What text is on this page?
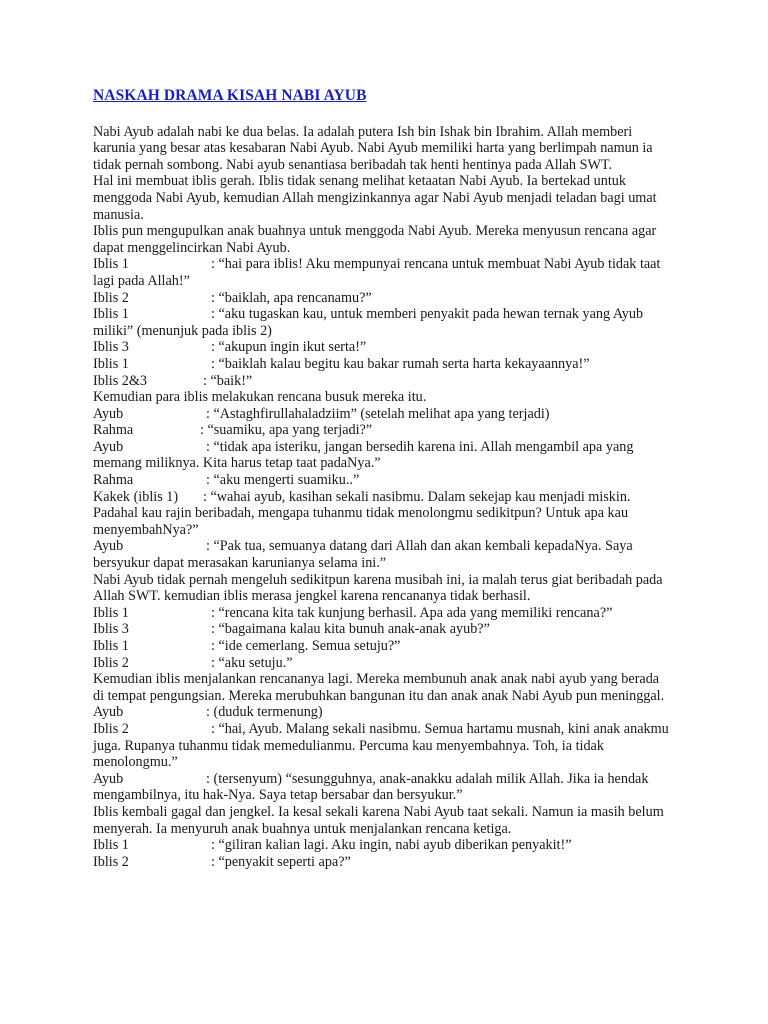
NASKAH DRAMA KISAH NABI AYUB

Nabi Ayub adalah nabi ke dua belas. Ia adalah putera Ish bin Ishak bin Ibrahim. Allah memberi karunia yang besar atas kesabaran Nabi Ayub. Nabi Ayub memiliki harta yang berlimpah namun ia tidak pernah sombong. Nabi ayub senantiasa beribadah tak henti hentinya pada Allah SWT.

Hal ini membuat iblis gerah. Iblis tidak senang melihat ketaatan Nabi Ayub. Ia bertekad untuk menggoda Nabi Ayub, kemudian Allah mengizinkannya agar Nabi Ayub menjadi teladan bagi umat manusia.

Iblis pun mengupulkan anak buahnya untuk menggoda Nabi Ayub. Mereka menyusun rencana agar dapat menggelincirkan Nabi Ayub.

Iblis 1	: “hai para iblis! Aku mempunyai rencana untuk membuat Nabi Ayub tidak taat lagi pada Allah!”

Iblis 2	: “baiklah, apa rencanamu?”

Iblis 1	: “aku tugaskan kau, untuk memberi penyakit pada hewan ternak yang Ayub miliki” (menunjuk pada iblis 2)

Iblis 3	: “akupun ingin ikut serta!”

Iblis 1	: “baiklah kalau begitu kau bakar rumah serta harta kekayaannya!”

Iblis 2&3	: “baik!”

Kemudian para iblis melakukan rencana busuk mereka itu.

Ayub	: “Astaghfirullahaladziim” (setelah melihat apa yang terjadi)

Rahma	: “suamiku, apa yang terjadi?”

Ayub	: “tidak apa isteriku, jangan bersedih karena ini. Allah mengambil apa yang memang miliknya. Kita harus tetap taat padaNya.”

Rahma	: “aku mengerti suamiku..”

Kakek (iblis 1) : “wahai ayub, kasihan sekali nasibmu. Dalam sekejap kau menjadi miskin. Padahal kau rajin beribadah, mengapa tuhanmu tidak menolongmu sedikitpun? Untuk apa kau menyembahNya?”

Ayub	: “Pak tua, semuanya datang dari Allah dan akan kembali kepadaNya. Saya bersyukur dapat merasakan karunianya selama ini.”

Nabi Ayub tidak pernah mengeluh sedikitpun karena musibah ini, ia malah terus giat beribadah pada Allah SWT. kemudian iblis merasa jengkel karena rencananya tidak berhasil.

Iblis 1	: “rencana kita tak kunjung berhasil. Apa ada yang memiliki rencana?”

Iblis 3	: “bagaimana kalau kita bunuh anak-anak ayub?”

Iblis 1	: “ide cemerlang. Semua setuju?”

Iblis 2	: “aku setuju.”

Kemudian iblis menjalankan rencananya lagi. Mereka membunuh anak anak nabi ayub yang berada di tempat pengungsian. Mereka merubuhkan bangunan itu dan anak anak Nabi Ayub pun meninggal.

Ayub	: (duduk termenung)

Iblis 2	: “hai, Ayub. Malang sekali nasibmu. Semua hartamu musnah, kini anak anakmu juga. Rupanya tuhanmu tidak memedulianmu. Percuma kau menyembahnya. Toh, ia tidak menolongmu.”

Ayub	: (tersenyum) “sesungguhnya, anak-anakku adalah milik Allah. Jika ia hendak mengambilnya, itu hak-Nya. Saya tetap bersabar dan bersyukur.”

Iblis kembali gagal dan jengkel. Ia kesal sekali karena Nabi Ayub taat sekali. Namun ia masih belum menyerah. Ia menyuruh anak buahnya untuk menjalankan rencana ketiga.

Iblis 1	: “giliran kalian lagi. Aku ingin, nabi ayub diberikan penyakit!”

Iblis 2	: “penyakit seperti apa?”
